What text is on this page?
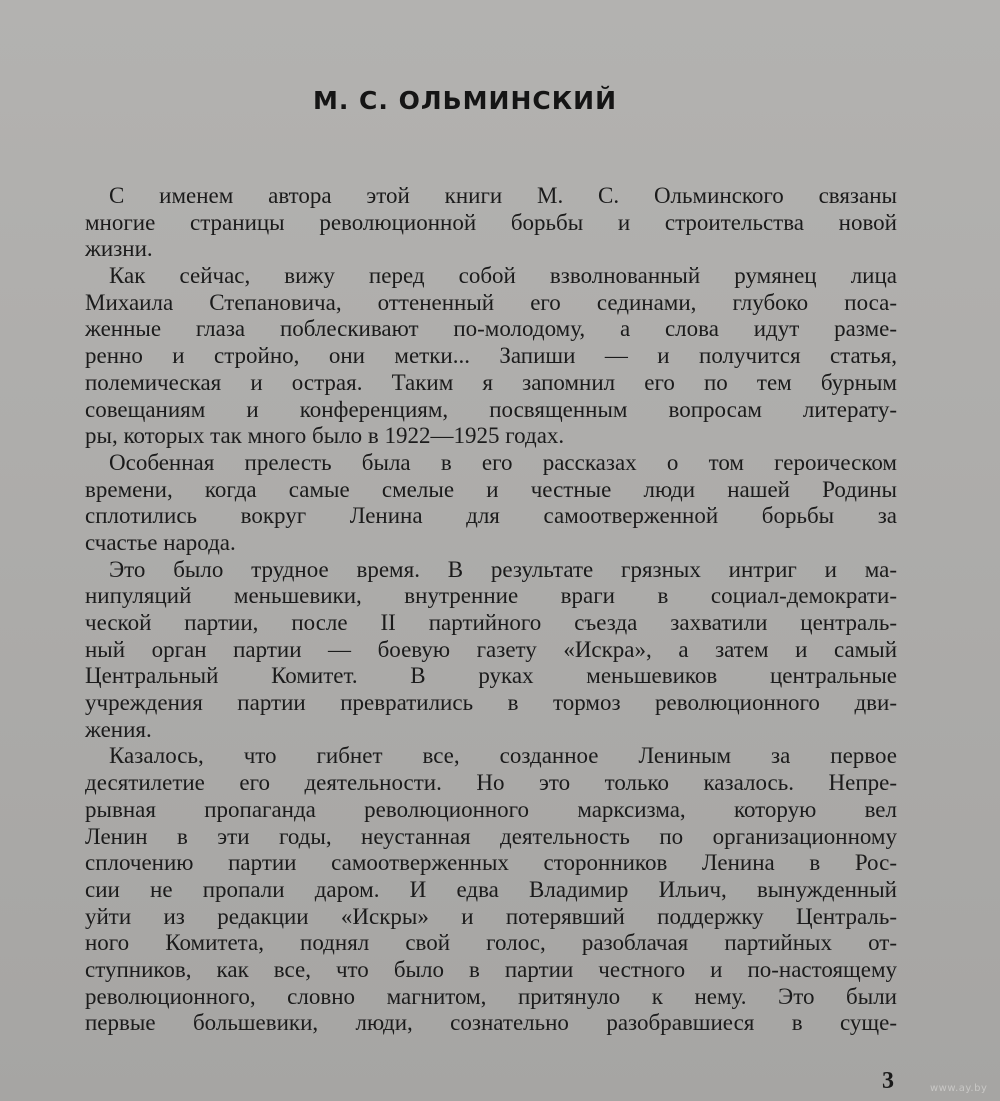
М. С. ОЛЬМИНСКИЙ
С именем автора этой книги М. С. Ольминского связаны
многие страницы революционной борьбы и строительства новой
жизни.
Как сейчас, вижу перед собой взволнованный румянец лица
Михаила Степановича, оттененный его сединами, глубоко поса-
женные глаза поблескивают по-молодому, а слова идут разме-
ренно и стройно, они метки... Запиши — и получится статья,
полемическая и острая. Таким я запомнил его по тем бурным
совещаниям и конференциям, посвященным вопросам литерату-
ры, которых так много было в 1922—1925 годах.
Особенная прелесть была в его рассказах о том героическом
времени, когда самые смелые и честные люди нашей Родины
сплотились вокруг Ленина для самоотверженной борьбы за
счастье народа.
Это было трудное время. В результате грязных интриг и ма-
нипуляций меньшевики, внутренние враги в социал-демократи-
ческой партии, после II партийного съезда захватили централь-
ный орган партии — боевую газету «Искра», а затем и самый
Центральный Комитет. В руках меньшевиков центральные
учреждения партии превратились в тормоз революционного дви-
жения.
Казалось, что гибнет все, созданное Лениным за первое
десятилетие его деятельности. Но это только казалось. Непре-
рывная пропаганда революционного марксизма, которую вел
Ленин в эти годы, неустанная деятельность по организационному
сплочению партии самоотверженных сторонников Ленина в Рос-
сии не пропали даром. И едва Владимир Ильич, вынужденный
уйти из редакции «Искры» и потерявший поддержку Централь-
ного Комитета, поднял свой голос, разоблачая партийных от-
ступников, как все, что было в партии честного и по-настоящему
революционного, словно магнитом, притянуло к нему. Это были
первые большевики, люди, сознательно разобравшиеся в суще-
3	www.ay.by
